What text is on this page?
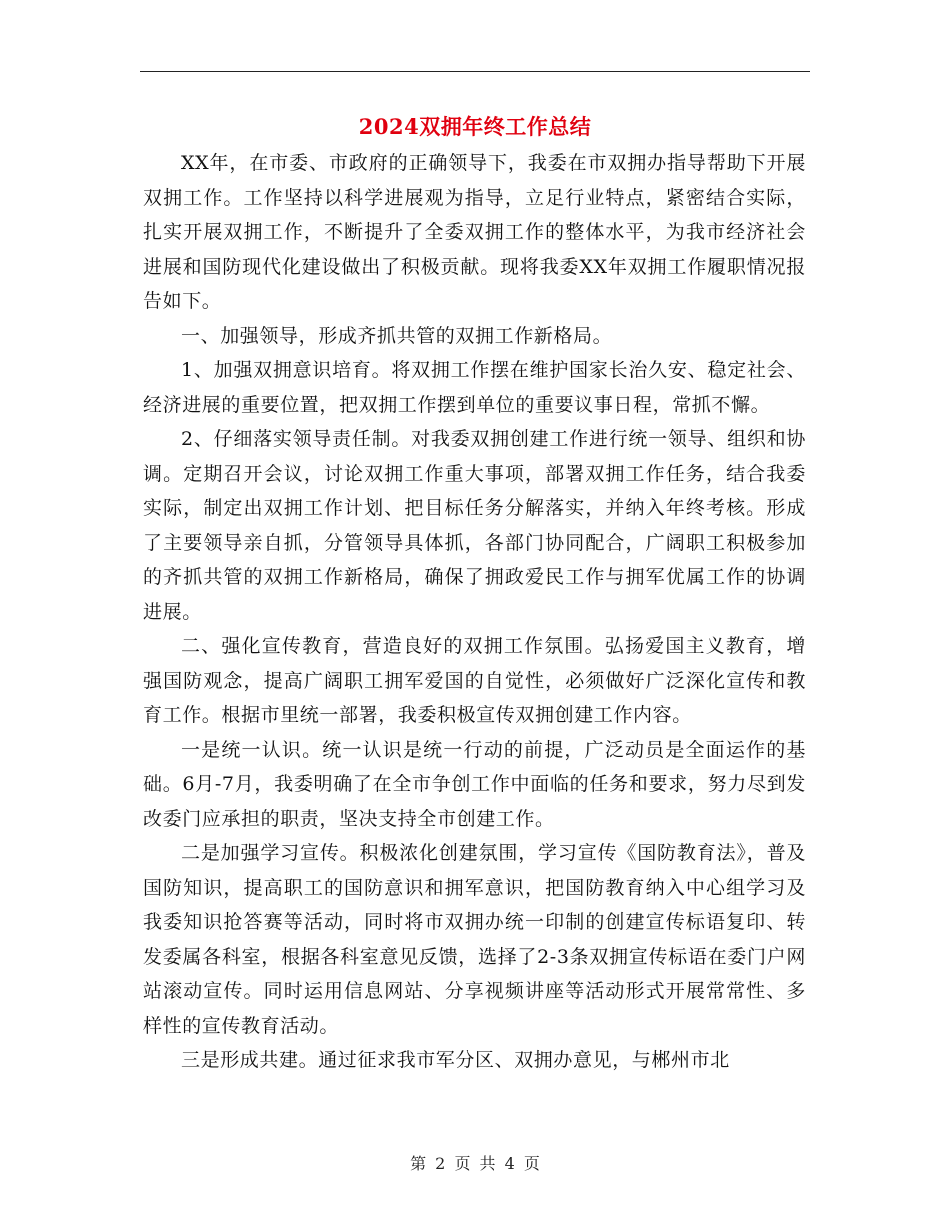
2024双拥年终工作总结

XX年，在市委、市政府的正确领导下，我委在市双拥办指导帮助下开展双拥工作。工作坚持以科学进展观为指导，立足行业特点，紧密结合实际，扎实开展双拥工作，不断提升了全委双拥工作的整体水平，为我市经济社会进展和国防现代化建设做出了积极贡献。现将我委XX年双拥工作履职情况报告如下。

一、加强领导，形成齐抓共管的双拥工作新格局。

1、加强双拥意识培育。将双拥工作摆在维护国家长治久安、稳定社会、经济进展的重要位置，把双拥工作摆到单位的重要议事日程，常抓不懈。

2、仔细落实领导责任制。对我委双拥创建工作进行统一领导、组织和协调。定期召开会议，讨论双拥工作重大事项，部署双拥工作任务，结合我委实际，制定出双拥工作计划、把目标任务分解落实，并纳入年终考核。形成了主要领导亲自抓，分管领导具体抓，各部门协同配合，广阔职工积极参加的齐抓共管的双拥工作新格局，确保了拥政爱民工作与拥军优属工作的协调进展。

二、强化宣传教育，营造良好的双拥工作氛围。弘扬爱国主义教育，增强国防观念，提高广阔职工拥军爱国的自觉性，必须做好广泛深化宣传和教育工作。根据市里统一部署，我委积极宣传双拥创建工作内容。

一是统一认识。统一认识是统一行动的前提，广泛动员是全面运作的基础。6月-7月，我委明确了在全市争创工作中面临的任务和要求，努力尽到发改委门应承担的职责，坚决支持全市创建工作。

二是加强学习宣传。积极浓化创建氛围，学习宣传《国防教育法》，普及国防知识，提高职工的国防意识和拥军意识，把国防教育纳入中心组学习及我委知识抢答赛等活动，同时将市双拥办统一印制的创建宣传标语复印、转发委属各科室，根据各科室意见反馈，选择了2-3条双拥宣传标语在委门户网站滚动宣传。同时运用信息网站、分享视频讲座等活动形式开展常常性、多样性的宣传教育活动。

三是形成共建。通过征求我市军分区、双拥办意见，与郴州市北

第 2 页 共 4 页
